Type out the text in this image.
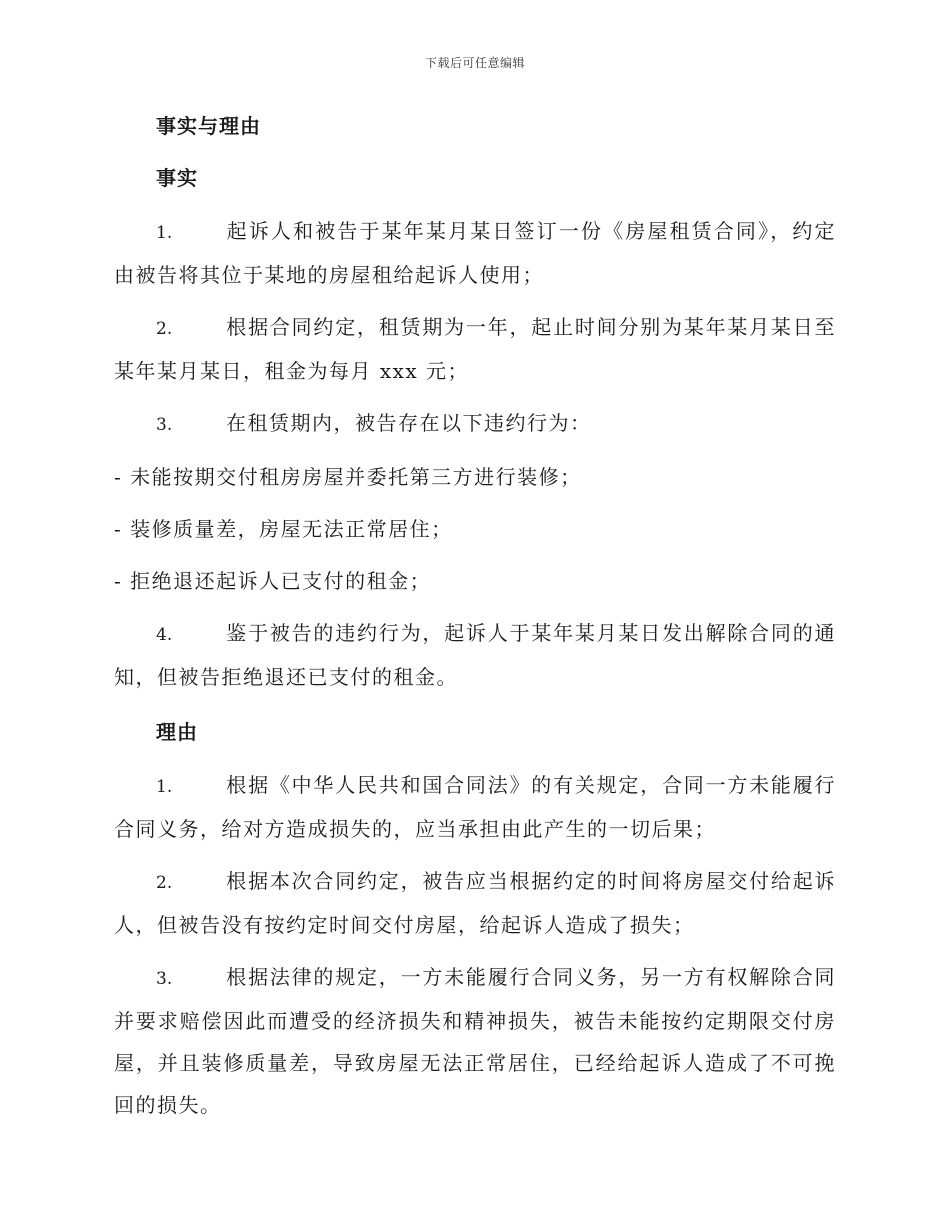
下载后可任意编辑
事实与理由
事实
1.	起诉人和被告于某年某月某日签订一份《房屋租赁合同》，约定由被告将其位于某地的房屋租给起诉人使用；
2.	根据合同约定，租赁期为一年，起止时间分别为某年某月某日至某年某月某日，租金为每月 xxx 元；
3.	在租赁期内，被告存在以下违约行为：
- 未能按期交付租房房屋并委托第三方进行装修；
- 装修质量差，房屋无法正常居住；
- 拒绝退还起诉人已支付的租金；
4.	鉴于被告的违约行为，起诉人于某年某月某日发出解除合同的通知，但被告拒绝退还已支付的租金。
理由
1.	根据《中华人民共和国合同法》的有关规定，合同一方未能履行合同义务，给对方造成损失的，应当承担由此产生的一切后果；
2.	根据本次合同约定，被告应当根据约定的时间将房屋交付给起诉人，但被告没有按约定时间交付房屋，给起诉人造成了损失；
3.	根据法律的规定，一方未能履行合同义务，另一方有权解除合同并要求赔偿因此而遭受的经济损失和精神损失，被告未能按约定期限交付房屋，并且装修质量差，导致房屋无法正常居住，已经给起诉人造成了不可挽回的损失。
